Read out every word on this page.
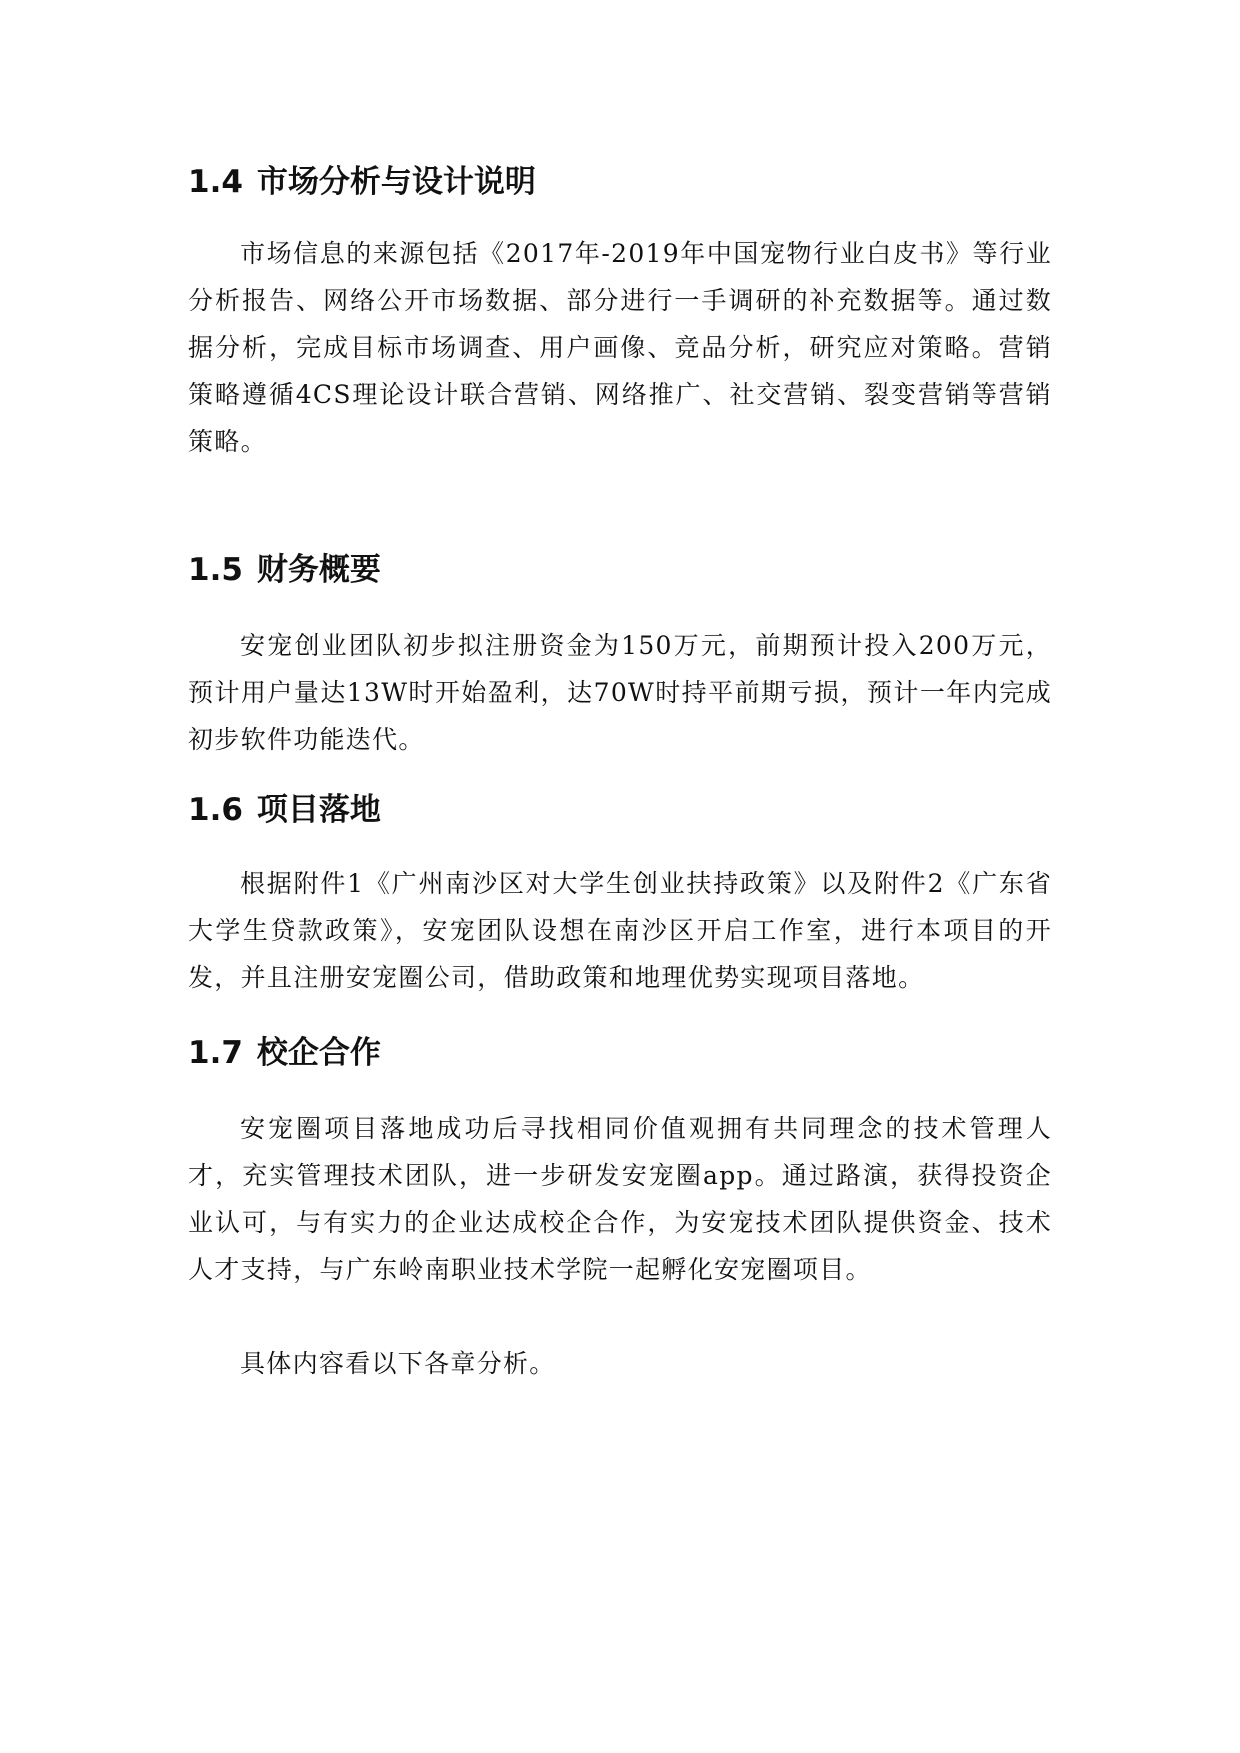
1.4 市场分析与设计说明

市场信息的来源包括《2017年-2019年中国宠物行业白皮书》等行业分析报告、网络公开市场数据、部分进行一手调研的补充数据等。通过数据分析，完成目标市场调查、用户画像、竞品分析，研究应对策略。营销策略遵循4CS理论设计联合营销、网络推广、社交营销、裂变营销等营销策略。

1.5 财务概要

安宠创业团队初步拟注册资金为150万元，前期预计投入200万元，预计用户量达13W时开始盈利，达70W时持平前期亏损，预计一年内完成初步软件功能迭代。

1.6 项目落地

根据附件1《广州南沙区对大学生创业扶持政策》以及附件2《广东省大学生贷款政策》，安宠团队设想在南沙区开启工作室，进行本项目的开发，并且注册安宠圈公司，借助政策和地理优势实现项目落地。

1.7 校企合作

安宠圈项目落地成功后寻找相同价值观拥有共同理念的技术管理人才，充实管理技术团队，进一步研发安宠圈app。通过路演，获得投资企业认可，与有实力的企业达成校企合作，为安宠技术团队提供资金、技术人才支持，与广东岭南职业技术学院一起孵化安宠圈项目。

具体内容看以下各章分析。
